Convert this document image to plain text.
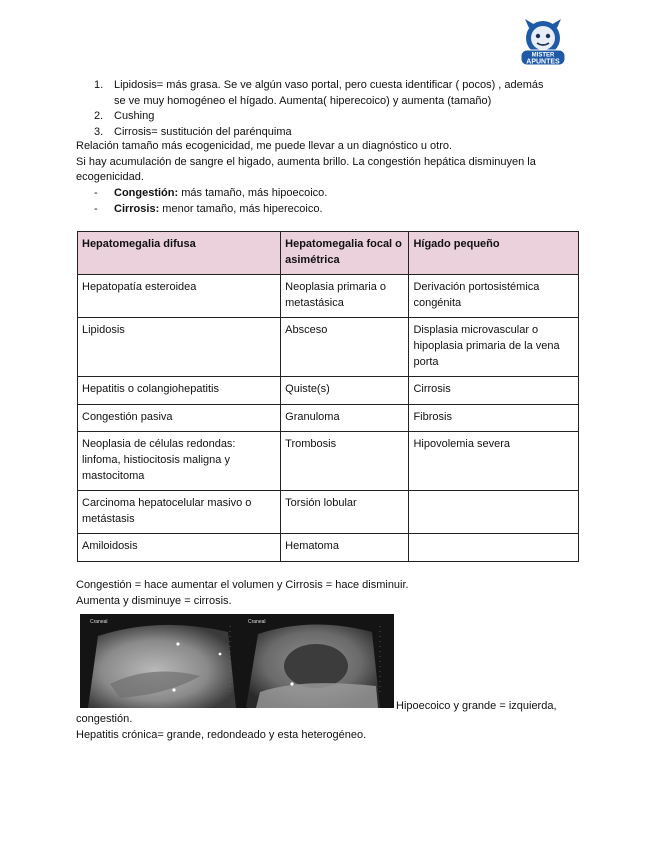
MISTER
APUNTES
1. Lipidosis= más grasa. Se ve algún vaso portal, pero cuesta identificar ( pocos) , además
se ve muy homogéneo el hígado. Aumenta( hiperecoico) y aumenta (tamaño)
2. Cushing
3. Cirrosis= sustitución del parénquima
Relación tamaño más ecogenicidad, me puede llevar a un diagnóstico u otro.
Si hay acumulación de sangre el higado, aumenta brillo. La congestión hepática disminuyen la
ecogenicidad.
- Congestión: más tamaño, más hipoecoico.
- Cirrosis: menor tamaño, más hiperecoico.
Hepatomegalia difusa	Hepatomegalia focal o asimétrica	Hígado pequeño
Hepatopatía esteroidea	Neoplasia primaria o metastásica	Derivación portosistémica congénita
Lipidosis	Absceso	Displasia microvascular o hipoplasia primaria de la vena porta
Hepatitis o colangiohepatitis	Quiste(s)	Cirrosis
Congestión pasiva	Granuloma	Fibrosis
Neoplasia de células redondas: linfoma, histiocitosis maligna y mastocitoma	Trombosis	Hipovolemia severa
Carcinoma hepatocelular masivo o metástasis	Torsión lobular	
Amiloidosis	Hematoma	
Congestión = hace aumentar el volumen y Cirrosis = hace disminuir.
Aumenta y disminuye = cirrosis.
Craneal	Craneal
Hipoecoico y grande = izquierda,
congestión.
Hepatitis crónica= grande, redondeado y esta heterogéneo.
